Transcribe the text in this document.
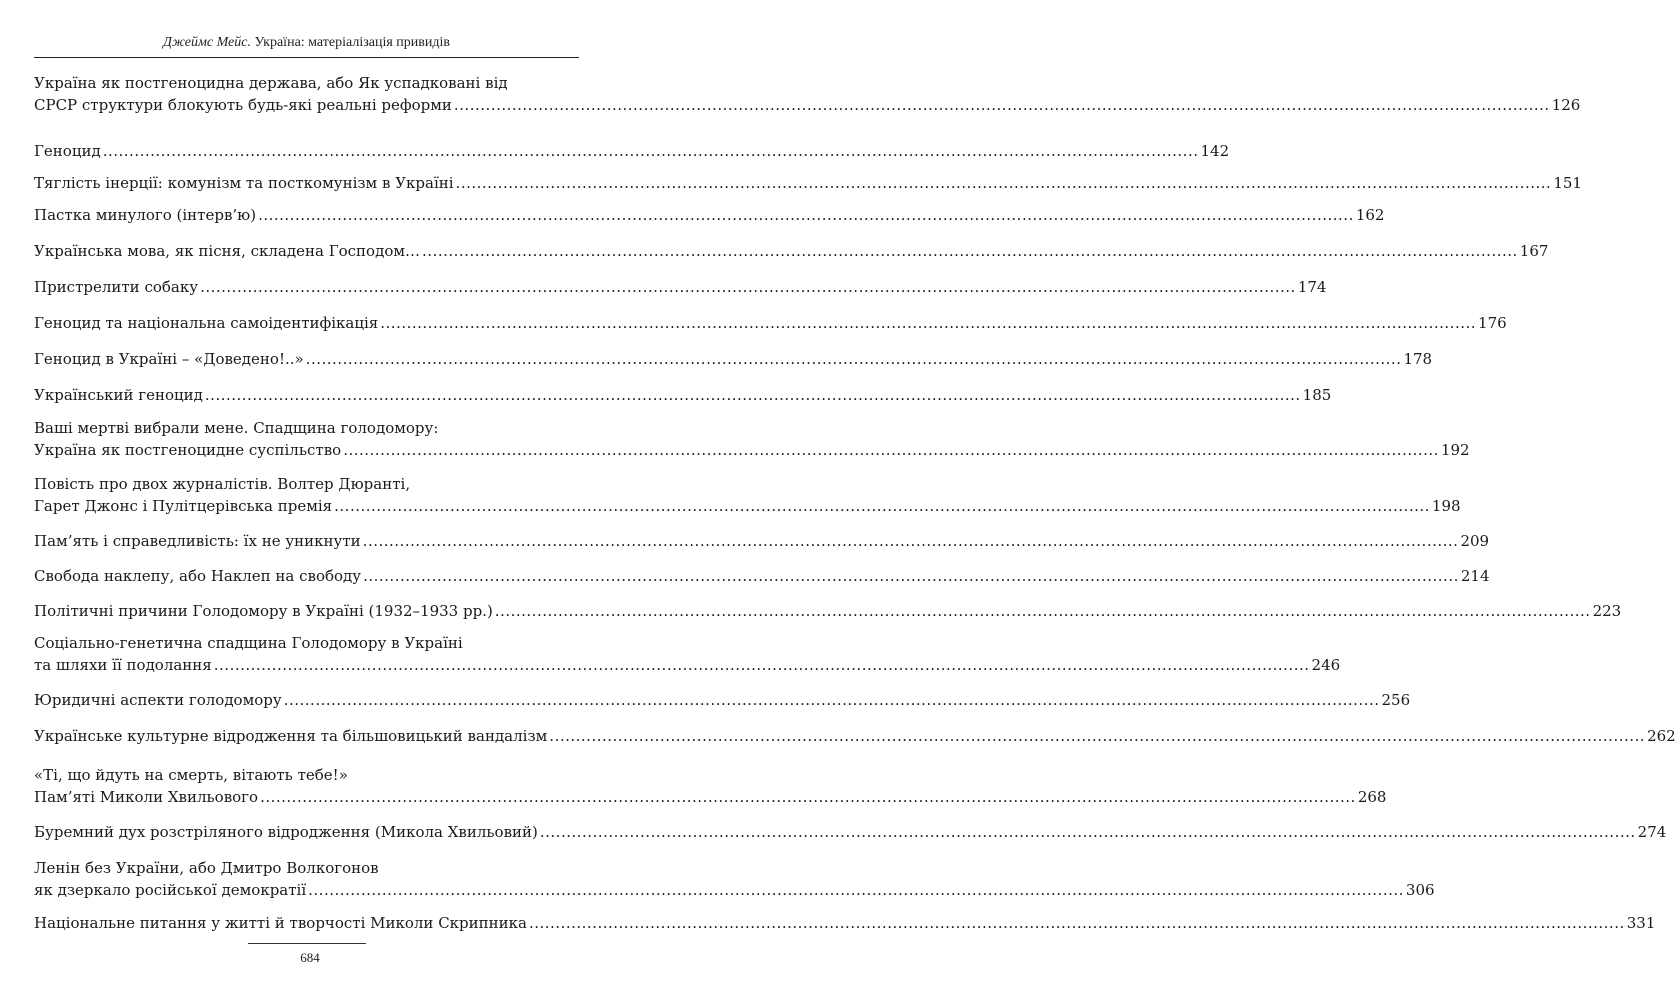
Джеймс Мейс. Україна: матеріалізація привидів
Україна як постгеноцидна держава, або Як успадковані від
СРСР структури блокують будь-які реальні реформи .....	126
Геноцид .....	142
Тяглість інерції: комунізм та посткомунізм в Україні .....	151
Пастка минулого (інтерв’ю) .....	162
Українська мова, як пісня, складена Господом… .....	167
Пристрелити собаку .....	174
Геноцид та національна самоідентифікація .....	176
Геноцид в Україні – «Доведено!..» .....	178
Український геноцид .....	185
Ваші мертві вибрали мене. Спадщина голодомору:
Україна як постгеноцидне суспільство .....	192
Повість про двох журналістів. Волтер Дюранті,
Гарет Джонс і Пулітцерівська премія .....	198
Пам’ять і справедливість: їх не уникнути .....	209
Свобода наклепу, або Наклеп на свободу .....	214
Політичні причини Голодомору в Україні (1932–1933 рр.) .....	223
Соціально-генетична спадщина Голодомору в Україні
та шляхи її подолання .....	246
Юридичні аспекти голодомору .....	256
Українське культурне відродження та більшовицький вандалізм .....	262
«Ті, що йдуть на смерть, вітають тебе!»
Пам’яті Миколи Хвильового .....	268
Буремний дух розстріляного відродження (Микола Хвильовий) .....	274
Ленін без України, або Дмитро Волкогонов
як дзеркало російської демократії .....	306
Національне питання у житті й творчості Миколи Скрипника .....	331
684
